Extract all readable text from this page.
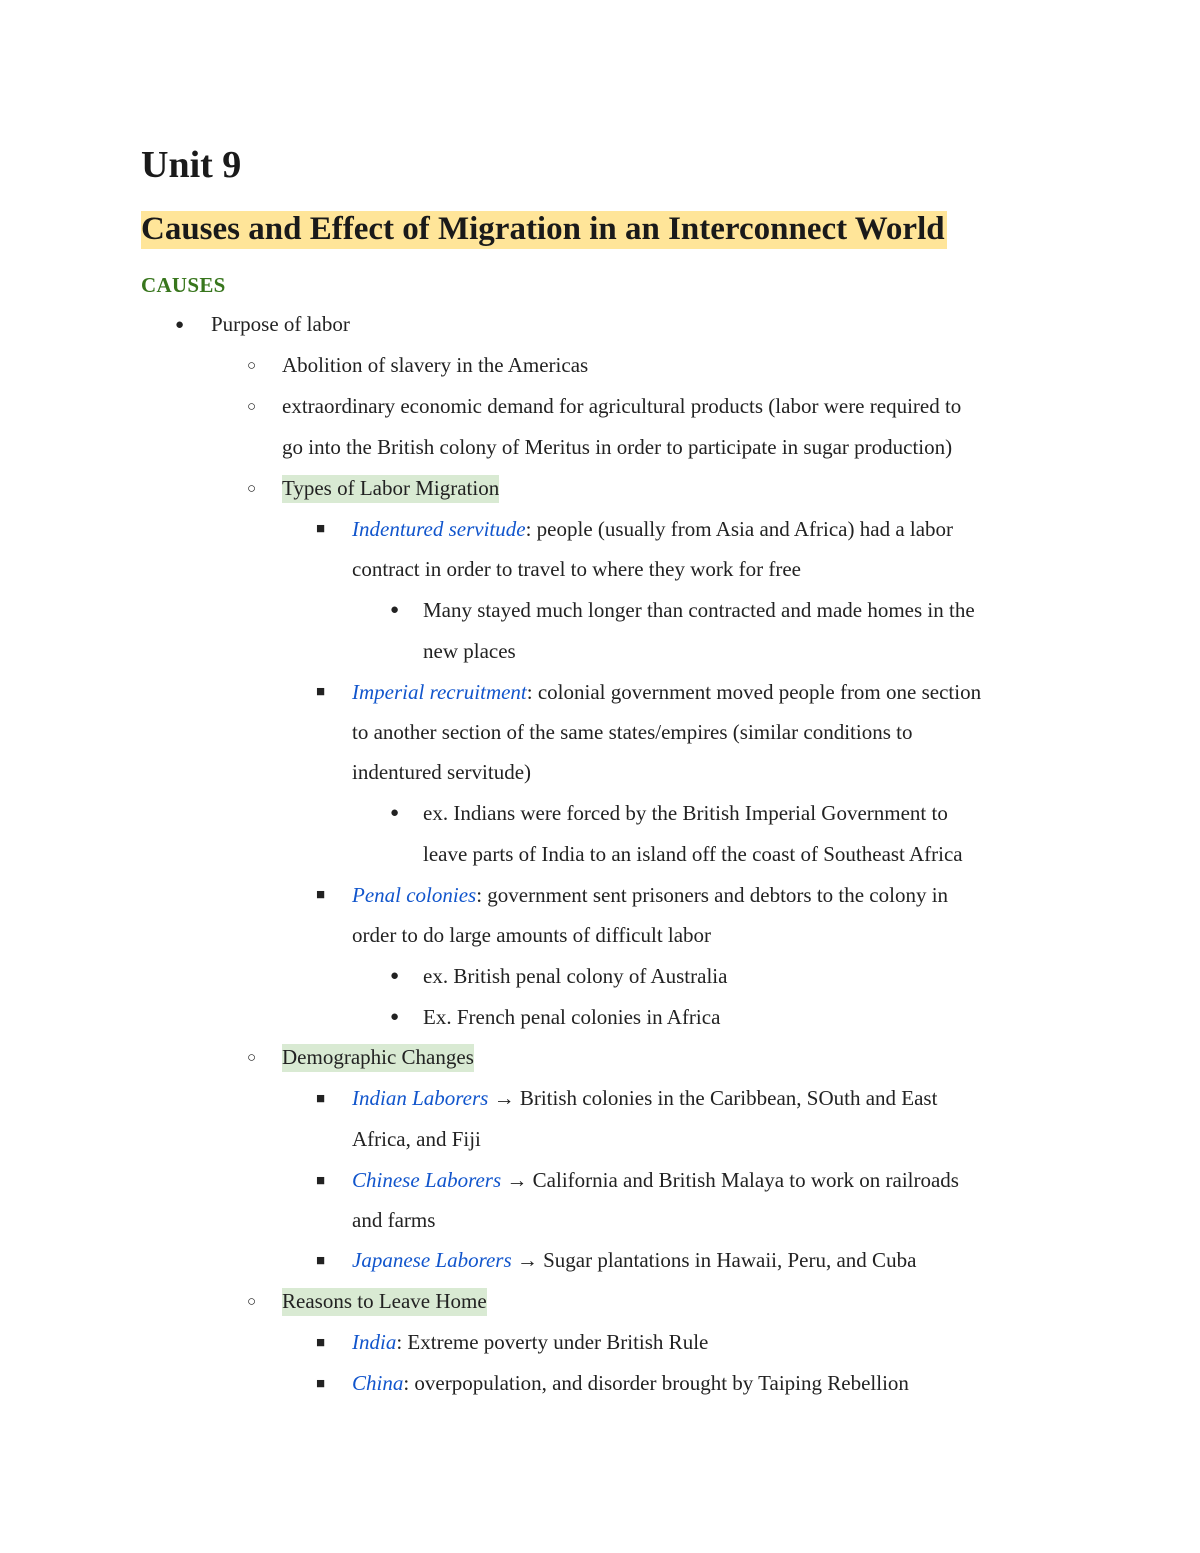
Unit 9
Causes and Effect of Migration in an Interconnect World
CAUSES
● Purpose of labor
○ Abolition of slavery in the Americas
○ extraordinary economic demand for agricultural products (labor were required to
go into the British colony of Meritus in order to participate in sugar production)
○ Types of Labor Migration
■ Indentured servitude: people (usually from Asia and Africa) had a labor
contract in order to travel to where they work for free
● Many stayed much longer than contracted and made homes in the
new places
■ Imperial recruitment: colonial government moved people from one section
to another section of the same states/empires (similar conditions to
indentured servitude)
● ex. Indians were forced by the British Imperial Government to
leave parts of India to an island off the coast of Southeast Africa
■ Penal colonies: government sent prisoners and debtors to the colony in
order to do large amounts of difficult labor
● ex. British penal colony of Australia
● Ex. French penal colonies in Africa
○ Demographic Changes
■ Indian Laborers → British colonies in the Caribbean, SOuth and East
Africa, and Fiji
■ Chinese Laborers → California and British Malaya to work on railroads
and farms
■ Japanese Laborers → Sugar plantations in Hawaii, Peru, and Cuba
○ Reasons to Leave Home
■ India: Extreme poverty under British Rule
■ China: overpopulation, and disorder brought by Taiping Rebellion
